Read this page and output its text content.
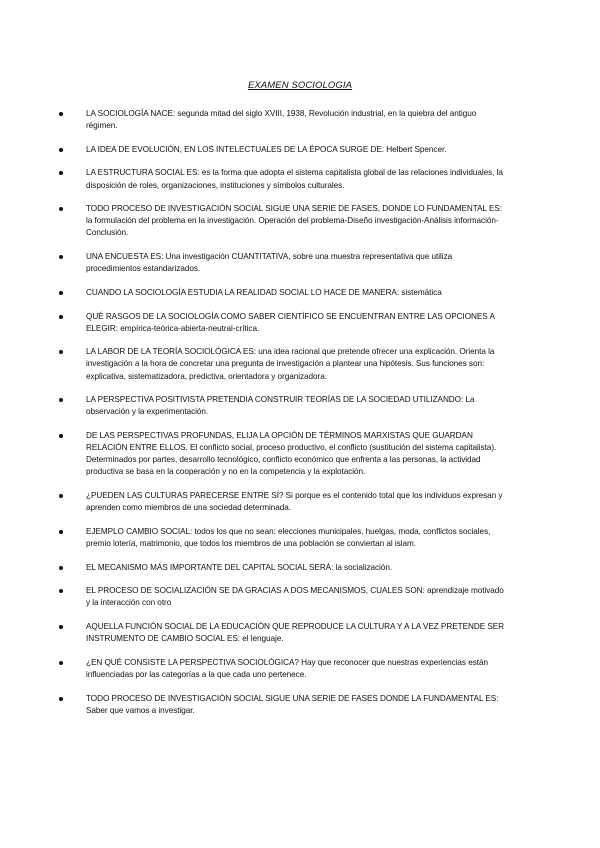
EXAMEN SOCIOLOGIA
LA SOCIOLOGÍA NACE: segunda mitad del siglo XVIII, 1938, Revolución industrial, en la quiebra del antiguo régimen.
LA IDEA DE EVOLUCIÓN, EN LOS INTELECTUALES DE LA ÉPOCA SURGE DE: Helbert Spencer.
LA ESTRUCTURA SOCIAL ES: es la forma que adopta el sistema capitalista global de las relaciones individuales, la disposición de roles, organizaciones, instituciones y símbolos culturales.
TODO PROCESO DE INVESTIGACIÓN SOCIAL SIGUE UNA SERIE DE FASES, DONDE LO FUNDAMENTAL ES: la formulación del problema en la investigación. Operación del problema-Diseño investigación-Análisis información-Conclusión.
UNA ENCUESTA ES: Una investigación CUANTITATIVA, sobre una muestra representativa que utiliza procedimientos estandarizados.
CUANDO LA SOCIOLOGÍA ESTUDIA LA REALIDAD SOCIAL LO HACE DE MANERA: sistemática
QUÉ RASGOS DE LA SOCIOLOGÍA COMO SABER CIENTÍFICO SE ENCUENTRAN ENTRE LAS OPCIONES A ELEGIR: empírica-teórica-abierta-neutral-crítica.
LA LABOR DE LA TEORÍA SOCIOLÓGICA ES: una idea racional que pretende ofrecer una explicación. Orienta la investigación a la hora de concretar una pregunta de investigación a plantear una hipótesis. Sus funciones son: explicativa, sistematizadora, predictiva, orientadora y organizadora.
LA PERSPECTIVA POSITIVISTA PRETENDIA CONSTRUIR TEORÍAS DE LA SOCIEDAD UTILIZANDO: La observación y la experimentación.
DE LAS PERSPECTIVAS PROFUNDAS, ELIJA LA OPCIÓN DE TÉRMINOS MARXISTAS QUE GUARDAN RELACIÓN ENTRE ELLOS. El conflicto social, proceso productivo, el conflicto (sustitución del sistema capitalista). Determinados por partes, desarrollo tecnológico, conflicto económico que enfrenta a las personas, la actividad productiva se basa en la cooperación y no en la competencia y la explotación.
¿PUEDEN LAS CULTURAS PARECERSE ENTRE SÍ? Si porque es el contenido total que los individuos expresan y aprenden como miembros de una sociedad determinada.
EJEMPLO CAMBIO SOCIAL: todos los que no sean: elecciones municipales, huelgas, moda, conflictos sociales, premio lotería, matrimonio, que todos los miembros de una población se conviertan al islam.
EL MECANISMO MÁS IMPORTANTE DEL CAPITAL SOCIAL SERÁ: la socialización.
EL PROCESO DE SOCIALIZACIÓN SE DA GRACIAS A DOS MECANISMOS, CUALES SON: aprendizaje motivado y la interacción con otro
AQUELLA FUNCIÓN SOCIAL DE LA EDUCACIÓN QUE REPRODUCE LA CULTURA Y A LA VEZ PRETENDE SER INSTRUMENTO DE CAMBIO SOCIAL ES: el lenguaje.
¿EN QUÉ CONSISTE LA PERSPECTIVA SOCIOLÓGICA? Hay que reconocer que nuestras experiencias están influenciadas por las categorías a la que cada uno pertenece.
TODO PROCESO DE INVESTIGACIÓN SOCIAL SIGUE UNA SERIE DE FASES DONDE LA FUNDAMENTAL ES: Saber que vamos a investigar.
